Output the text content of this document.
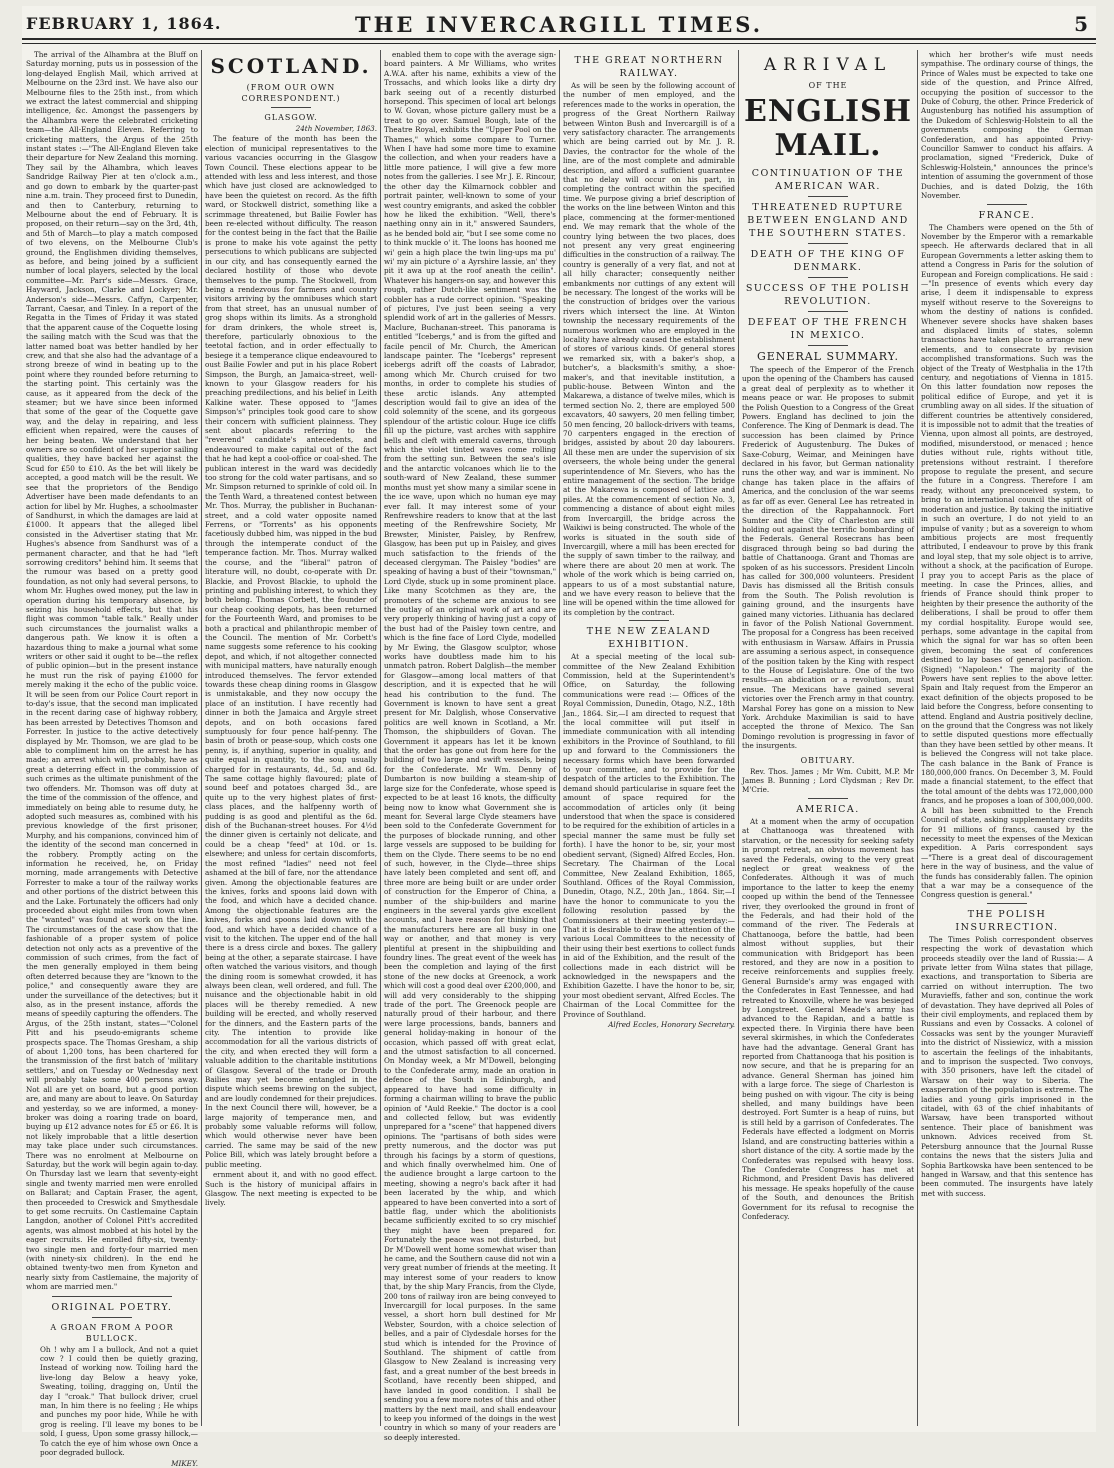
FEBRUARY 1, 1864.	THE INVERCARGILL TIMES.	5

The arrival of the Alhambra at the Bluff on Saturday morning, puts us in possession of the long-delayed English Mail, which arrived at Melbourne on the 23rd inst. We have also our Melbourne files to the 25th inst., from which we extract the latest commercial and shipping intelligence, &c. Amongst the passengers by the Alhambra were the celebrated cricketing team—the All-England Eleven. Referring to cricketing matters, the Argus of the 25th instant states :—"The All-England Eleven take their departure for New Zealand this morning. They sail by the Alhambra, which leaves Sandridge Railway Pier at ten o'clock a.m., and go down to embark by the quarter-past nine a.m. train. They proceed first to Dunedin, and then to Canterbury, returning to Melbourne about the end of February. It is proposed, on their return—say on the 3rd, 4th, and 5th of March—to play a match composed of two elevens, on the Melbourne Club's ground, the Englishmen dividing themselves, as before, and being joined by a sufficient number of local players, selected by the local committee—Mr. Parr's side—Messrs. Grace, Hayward, Jackson, Clarke and Lockyer; Mr. Anderson's side—Messrs. Caffyn, Carpenter, Tarrant, Caesar, and Tinley. In a report of the Regatta in the Times of Friday it was stated that the apparent cause of the Coquette losing the sailing match with the Scud was that the latter named boat was better handled by her crew, and that she also had the advantage of a strong breeze of wind in beating up to the point where they rounded before returning to the starting point. This certainly was the cause, as it appeared from the deck of the steamer; but we have since been informed that some of the gear of the Coquette gave way, and the delay in repairing, and less efficient when repaired, were the causes of her being beaten. We understand that her owners are so confident of her superior sailing qualities, they have backed her against the Scud for £50 to £10. As the bet will likely be accepted, a good match will be the result. We see that the proprietors of the Bendigo Advertiser have been made defendants to an action for libel by Mr. Hughes, a schoolmaster of Sandhurst, in which the damages are laid at £1000. It appears that the alleged libel consisted in the Advertiser stating that Mr. Hughes's absence from Sandhurst was of a permanent character, and that he had "left sorrowing creditors" behind him. It seems that the rumour was based on a pretty good foundation, as not only had several persons, to whom Mr. Hughes owed money, put the law in operation during his temporary absence, by seizing his household effects, but that his flight was common "table talk." Really under such circumstances the journalist walks a dangerous path. We know it is often a hazardous thing to make a journal what some writers or other said it ought to be—the reflex of public opinion—but in the present instance he must run the risk of paying £1000 for merely making it the echo of the public voice. It will be seen from our Police Court report in to-day's issue, that the second man implicated in the recent daring case of highway robbery, has been arrested by Detectives Thomson and Forrester. In justice to the active detectively displayed by Mr. Thomson, we are glad to be able to compliment him on the arrest he has made; an arrest which will, probably, have as great a deterring effect in the commission of such crimes as the ultimate punishment of the two offenders. Mr. Thomson was off duty at the time of the commission of the offence, and immediately on being able to resume duty, he adopted such measures as, combined with his previous knowledge of the first prisoner, Murphy, and his companions, convinced him of the identity of the second man concerned in the robbery. Promptly acting on the information he received, he, on Friday morning, made arrangements with Detective Forrester to make a tour of the railway works and other portions of the district between this and the Lake. Fortunately the officers had only proceeded about eight miles from town when the "wanted" was found at work on the line. The circumstances of the case show that the fashionable of a proper system of police detection not only acts as a preventive of the commission of such crimes, from the fact of the men generally employed in them being often deterred because they are "known to the police," and consequently aware they are under the surveillance of the detectives; but it also, as in the present instance, affords the means of speedily capturing the offenders. The Argus, of the 25th instant, states—"Colonel Pitt and his pseudo-emigrants scheme prospects space. The Thomas Gresham, a ship of about 1,200 tons, has been chartered for the transmission of the first batch of 'military settlers,' and on Tuesday or Wednesday next will probably take some 400 persons away. Not all are yet on board, but a good portion are, and many are about to leave. On Saturday and yesterday, so we are informed, a money-broker was doing a roaring trade on board, buying up £12 advance notes for £5 or £6. It is not likely improbable that a little desertion may take place under such circumstances. There was no enrolment at Melbourne on Saturday, but the work will begin again to-day. On Thursday last we learn that seventy-eight single and twenty married men were enrolled on Ballarat; and Captain Fraser, the agent, then proceeded to Creswick and Smythesdale to get some recruits. On Castlemaine Captain Langdon, another of Colonel Pitt's accredited agents, was almost mobbed at his hotel by the eager recruits. He enrolled fifty-six, twenty-two single men and forty-four married men (with ninety-six children). In the end he obtained twenty-two men from Kyneton and nearly sixty from Castlemaine, the majority of whom are married men."

ORIGINAL POETRY.

A GROAN FROM A POOR BULLOCK.

Oh ! why am I a bullock, And not a quiet cow ? I could then be quietly grazing, Instead of working now. Toiling hard the live-long day Below a heavy yoke, Sweating, toiling, dragging on, Until the day I "croak." That bullock driver, cruel man, In him there is no feeling ; He whips and punches my poor hide, While he with grog is reeling. I'll leave my bones to be sold, I guess, Upon some grassy hillock,— To catch the eye of him whose own Once a poor degraded bullock.

MIKEY.

SCOTLAND.

(FROM OUR OWN CORRESPONDENT.)

GLASGOW.

24th November, 1863.

The feature of the month has been the election of municipal representatives to the various vacancies occurring in the Glasgow Town Council. These elections appear to be attended with less and less interest, and those which have just closed are acknowledged to have been the quietest on record. As the fifth ward, or Stockwell district, something like a scrimmage threatened, but Bailie Fowler has been re-elected without difficulty. The reason for the contest being in the fact that the Bailie is prone to make his vote against the petty persecutions to which publicans are subjected in our city, and has consequently earned the declared hostility of those who devote themselves to the pump. The Stockwell, from being a rendezvous for farmers and country visitors arriving by the omnibuses which start from that street, has an unusual number of grog shops within its limits. As a stronghold for dram drinkers, the whole street is, therefore, particularly obnoxious to the teetotal faction, and in order effectually to besiege it a temperance clique endeavoured to oust Bailie Fowler and put in his place Robert Simpson, the Burgh, an Jamaica-street, well-known to your Glasgow readers for his preaching predilections, and his belief in Leith Kalkine water. These opposed to "James Simpson's" principles took good care to show their concern with sufficient plainness. They sent about placards referring to the "reverend" candidate's antecedents, and endeavoured to make capital out of the fact that he had kept a cool-office or coal-shed. The publican interest in the ward was decidedly too strong for the cold water partisans, and so Mr. Simpson returned to sprinkle of cold oil. In the Tenth Ward, a threatened contest between Mr. Thos. Murray, the publisher in Buchanan-street, and a cold water opposite named Ferrens, or "Torrents" as his opponents facetiously dubbed him, was nipped in the bud through the intemperate conduct of the temperance faction. Mr. Thos. Murray walked the course, and the "liberal" patron of literature will, no doubt, co-operate with Dr. Blackie, and Provost Blackie, to uphold the printing and publishing interest, to which they both belong. Thomas Corbett, the founder of our cheap cooking depots, has been returned for the Fourteenth Ward, and promises to be both a practical and philanthropic member of the Council. The mention of Mr. Corbett's name suggests some reference to his cooking depot, and which, if not altogether connected with municipal matters, have naturally enough introduced themselves. The fervor extended towards these cheap dining rooms in Glasgow is unmistakable, and they now occupy the place of an institution. I have recently had dinner in both the Jamaica and Argyle street depots, and on both occasions fared sumptuously for four pence half-penny. The basin of broth or pease-soup, which costs one penny, is, if anything, superior in quality, and quite equal in quantity, to the soup usually charged for in restaurants, 4d., 5d. and 6d. The same cottage highly flavoured; plate of sound beef and potatoes charged 3d., are quite up to the very highest plates of first-class places, and the halfpenny worth of pudding is as good and plentiful as the 6d. dish of the Buchanan-street houses. For 4½d the dinner given is certainly not delicate, and could be a cheap "feed" at 10d. or 1s. elsewhere; and unless for certain discomforts, the most refined "ladies" need not feel ashamed at the bill of fare, nor the attendance given. Among the objectionable features are the knives, forks and spoons laid down with the food, and which have a decided chance. Among the objectionable features are the knives, forks and spoons laid down with the food, and which have a decided chance of a visit to the kitchen. The upper end of the hall there is a dress circle and boxes. The gallery being at the other, a separate staircase. I have often watched the various visitors, and though the dining room is somewhat crowded, it has always been clean, well ordered, and full. The nuisance and the objectionable habit in old places will be thereby remedied. A new building will be erected, and wholly reserved for the dinners, and the Eastern parts of the city. The intention to provide like accommodation for all the various districts of the city, and when erected they will form a valuable addition to the charitable institutions of Glasgow. Several of the trade or Drouth Bailies may yet become entangled in the dispute which seems brewing on the subject, and are loudly condemned for their prejudices. In the next Council there will, however, be a large majority of temperance men, and probably some valuable reforms will follow, which would otherwise never have been carried. The same may be said of the new Police Bill, which was lately brought before a public meeting.

ernment about it, and with no good effect. Such is the history of municipal affairs in Glasgow. The next meeting is expected to be lively.

enabled them to cope with the average sign-board painters. A Mr Williams, who writes A.W.A. after his name, exhibits a view of the Trossachs, and which looks like a dirty dry bark seeing out of a recently disturbed horsepond. This specimen of local art belongs to W. Govan, whose picture gallery must be a treat to go over. Samuel Bough, late of the Theatre Royal, exhibits the "Upper Pool on the Thames," which some compare to Turner. When I have had some more time to examine the collection, and when your readers have a little more patience, I will give a few more notes from the galleries. I see Mr J. E. Rincour, the other day the Kilmarnock cobbler and portrait painter, well-known to some of your west country emigrants, and asked the cobbler how he liked the exhibition. "Well, there's naething onny ain in it," answered Saunders, as he bended bold air, "but I see some come no to think muckle o' it. The loons has hooned me wi' gein a high place the twin ling-ups ma pu' wi' my ain picture o' a Ayrshire lassie, an' they pit it awa up at the roof aneath the ceilin". Whatever his hangers-on say, and however this rough, rather Dutch-like sentiment was the cobbler has a rude correct opinion. "Speaking of pictures, I've just been seeing a very splendid work of art in the galleries of Messrs. Maclure, Buchanan-street. This panorama is entitled "Icebergs," and is from the gifted and facile pencil of Mr. Church, the American landscape painter. The "Icebergs" represent icebergs adrift off the coasts of Labrador, among which Mr. Church cruised for two months, in order to complete his studies of these arctic islands. Any attempted description would fail to give an idea of the cold solemnity of the scene, and its gorgeous splendour of the artistic colour. Huge ice cliffs fill up the picture, vast arches with sapphire bells and cleft with emerald caverns, through which the violet tinted waves come rolling from the setting sun. Between the sea's isle and the antarctic volcanoes which lie to the south-ward of New Zealand, these summer months must yet show many a similar scene in the ice wave, upon which no human eye may ever fall. It may interest some of your Renfrewshire readers to know that at the last meeting of the Renfrewshire Society, Mr Brewster, Minister, Paisley, by Renfrew, Glasgow, has been put up in Paisley, and gives much satisfaction to the friends of the deceased clergyman. The Paisley "bodies" are speaking of having a bust of their "townsman," Lord Clyde, stuck up in some prominent place. Like many Scotchmen as they are, the promoters of the scheme are anxious to see the outlay of an original work of art and are very properly thinking of having just a copy of the bust had of the Paisley town centre, and which is the fine face of Lord Clyde, modelled by Mr Ewing, the Glasgow sculptor, whose works have doubtless made him to his unmatch patron. Robert Dalglish—the member for Glasgow—among local matters of that description, and it is expected that he will head his contribution to the fund. The Government is known to have sent a great present for Mr. Dalglish, whose Conservative politics are well known in Scotland, a Mr. Thomson, the shipbuilders of Govan. The Government it appears has let it be known that the order has gone out from here for the building of two large and swift vessels, being for the Confederate. Mr Wm. Denny of Dumbarton is now building a steam-ship of large size for the Confederate, whose speed is expected to be at least 16 knots, the difficulty being now to know what Government she is meant for. Several large Clyde steamers have been sold to the Confederate Government for the purposes of blockade running, and other large vessels are supposed to be building for them on the Clyde. There seems to be no end of such, however, in the Clyde—three ships have lately been completed and sent off, and three more are being built or are under order of construction for the Emperor of China, a number of the ship-builders and marine engineers in the several yards give excellent accounts, and I have reason for thinking that the manufacturers here are all busy in one way or another, and that money is very plentiful at present in the shipbuilding and foundry lines. The great event of the week has been the completion and laying of the first stone of the new docks at Greenock, a work which will cost a good deal over £200,000, and will add very considerably to the shipping trade of the port. The Greenock people are naturally proud of their harbour, and there were large processions, bands, banners and general holiday-making in honour of the occasion, which passed off with great eclat, and the utmost satisfaction to all concerned. On Monday week, a Mr M'Dowell, belonging to the Confederate army, made an oration in defence of the South in Edinburgh, and appeared to have had some difficulty in forming a chairman willing to brave the public opinion of "Auld Reekie." The doctor is a cool and collected fellow, but was evidently unprepared for a "scene" that happened divers opinions. The "partisans of both sides were pretty numerous, and the doctor was put through his facings by a storm of questions, and which finally overwhelmed him. One of the audience brought a large cartoon to the meeting, showing a negro's back after it had been lacerated by the whip, and which appeared to have been converted into a sort of battle flag, under which the abolitionists became sufficiently excited to so cry mischief they might have been prepared for. Fortunately the peace was not disturbed, but Dr M'Dowell went home somewhat wiser than he came, and the Southern cause did not win a very great number of friends at the meeting. It may interest some of your readers to know that, by the ship Mary Francis, from the Clyde, 200 tons of railway iron are being conveyed to Invercargill for local purposes. In the same vessel, a short horn bull destined for Mr Webster, Sourdon, with a choice selection of belles, and a pair of Clydesdale horses for the stud which is intended for the Province of Southland. The shipment of cattle from Glasgow to New Zealand is increasing very fast, and a great number of the best breeds in Scotland, have recently been shipped, and have landed in good condition. I shall be sending you a few more notes of this and other matters by the next mail, and shall endeavour to keep you informed of the doings in the west country in which so many of your readers are so deeply interested.

THE GREAT NORTHERN RAILWAY.

As will be seen by the following account of the number of men employed, and the references made to the works in operation, the progress of the Great Northern Railway between Winton Bush and Invercargill is of a very satisfactory character. The arrangements which are being carried out by Mr. J. R. Davies, the contractor for the whole of the line, are of the most complete and admirable description, and afford a sufficient guarantee that no delay will occur on his part, in completing the contract within the specified time. We purpose giving a brief description of the works on the line between Winton and this place, commencing at the former-mentioned end. We may remark that the whole of the country lying between the two places, does not present any very great engineering difficulties in the construction of a railway. The country is generally of a very flat, and not at all hilly character; consequently neither embankments nor cuttings of any extent will be necessary. The longest of the works will be the construction of bridges over the various rivers which intersect the line. At Winton township the necessary requirements of the numerous workmen who are employed in the locality have already caused the establishment of stores of various kinds. Of general stores we remarked six, with a baker's shop, a butcher's, a blacksmith's smithy, a shoe-maker's, and that inevitable institution, a public-house. Between Winton and the Makarewa, a distance of twelve miles, which is termed section No. 2, there are employed 500 excavators, 40 sawyers, 20 men felling timber, 50 men fencing, 20 ballock-drivers with teams, 70 carpenters engaged in the erection of bridges, assisted by about 20 day labourers. All these men are under the supervision of six overseers, the whole being under the general superintendence of Mr. Sievers, who has the entire management of the section. The bridge at the Makarewa is composed of lattice and piles. At the commencement of section No. 3, commencing a distance of about eight miles from Invercargill, the bridge across the Waikiwi is being constructed. The whole of the works is situated in the south side of Invercargill, where a mill has been erected for the supply of sawn timber to the railway, and where there are about 20 men at work. The whole of the work which is being carried on, appears to us of a most substantial nature, and we have every reason to believe that the line will be opened within the time allowed for its completion by the contract.

THE NEW ZEALAND EXHIBITION.

At a special meeting of the local sub-committee of the New Zealand Exhibition Commission, held at the Superintendent's Office, on Saturday, the following communications were read :— Offices of the Royal Commission, Dunedin, Otago, N.Z., 18th Jan., 1864. Sir,—I am directed to request that the local committee will put itself in immediate communication with all intending exhibitors in the Province of Southland, to fill up and forward to the Commissioners the necessary forms which have been forwarded to your committee, and to provide for the despatch of the articles to the Exhibition. The demand should particularise in square feet the amount of space required for the accommodation of articles only (it being understood that when the space is considered to be required for the exhibition of articles in a special manner the same must be fully set forth). I have the honor to be, sir, your most obedient servant, (Signed) Alfred Eccles, Hon. Secretary. The Chairman of the Local Committee, New Zealand Exhibition, 1865, Southland. Offices of the Royal Commission, Dunedin, Otago, N.Z., 20th Jan., 1864. Sir,—I have the honor to communicate to you the following resolution passed by the Commissioners at their meeting yesterday:— That it is desirable to draw the attention of the various Local Committees to the necessity of their using their best exertions to collect funds in aid of the Exhibition, and the result of the collections made in each district will be acknowledged in the newspapers and the Exhibition Gazette. I have the honor to be, sir, your most obedient servant, Alfred Eccles. The Chairman of the Local Committee for the Province of Southland.

Alfred Eccles, Honorary Secretary.

ARRIVAL

OF THE

ENGLISH MAIL.

CONTINUATION OF THE AMERICAN WAR.

THREATENED RUPTURE BETWEEN ENGLAND AND THE SOUTHERN STATES.

DEATH OF THE KING OF DENMARK.

SUCCESS OF THE POLISH REVOLUTION.

DEFEAT OF THE FRENCH IN MEXICO.

GENERAL SUMMARY.

The speech of the Emperor of the French upon the opening of the Chambers has caused a great deal of perplexity as to whether it means peace or war. He proposes to submit the Polish Question to a Congress of the Great Powers. England has declined to join the Conference. The King of Denmark is dead. The succession has been claimed by Prince Frederick of Augustenburg. The Dukes of Saxe-Coburg, Weimar, and Meiningen have declared in his favor, but German nationality runs the other way, and war is imminent. No change has taken place in the affairs of America, and the conclusion of the war seems as far off as ever. General Lee has retreated in the direction of the Rappahannock. Fort Sumter and the City of Charleston are still holding out against the terrific bombarding of the Federals. General Rosecrans has been disgraced through being so bad during the battle of Chattanooga. Grant and Thomas are spoken of as his successors. President Lincoln has called for 300,000 volunteers. President Davis has dismissed all the British consuls from the South. The Polish revolution is gaining ground, and the insurgents have gained many victories. Lithuania has declared in favor of the Polish National Government. The proposal for a Congress has been received with enthusiasm in Warsaw. Affairs in Prussia are assuming a serious aspect, in consequence of the position taken by the King with respect to the House of Legislature. One of the two results—an abdication or a revolution, must ensue. The Mexicans have gained several victories over the French army in that country. Marshal Forey has gone on a mission to New York. Archduke Maximilian is said to have accepted the throne of Mexico. The San Domingo revolution is progressing in favor of the insurgents.

OBITUARY.

Rev. Thos. James ; Mr Wm. Cubitt, M.P. Mr James B. Bunning ; Lord Clydsman ; Rev Dr. M'Crie.

AMERICA.

At a moment when the army of occupation at Chattanooga was threatened with starvation, or the necessity for seeking safety in prompt retreat, an obvious movement has saved the Federals, owing to the very great neglect or great weakness of the Confederates. Although it was of much importance to the latter to keep the enemy cooped up within the bend of the Tennessee river, they overlooked the ground in front of the Federals, and had their hold of the command of the river. The Federals at Chattanooga, before the battle, had been almost without supplies, but their communication with Bridgeport has been restored, and they are now in a position to receive reinforcements and supplies freely. General Burnside's army was engaged with the Confederates in East Tennessee, and had retreated to Knoxville, where he was besieged by Longstreet. General Meade's army has advanced to the Rapidan, and a battle is expected there. In Virginia there have been several skirmishes, in which the Confederates have had the advantage. General Grant has reported from Chattanooga that his position is now secure, and that he is preparing for an advance. General Sherman has joined him with a large force. The siege of Charleston is being pushed on with vigour. The city is being shelled, and many buildings have been destroyed. Fort Sumter is a heap of ruins, but is still held by a garrison of Confederates. The Federals have effected a lodgment on Morris Island, and are constructing batteries within a short distance of the city. A sortie made by the Confederates was repulsed with heavy loss. The Confederate Congress has met at Richmond, and President Davis has delivered his message. He speaks hopefully of the cause of the South, and denounces the British Government for its refusal to recognise the Confederacy.

which her brother's wife must needs sympathise. The ordinary course of things, the Prince of Wales must be expected to take one side of the question, and Prince Alfred, occupying the position of successor to the Duke of Coburg, the other. Prince Frederick of Augustenburg has notified his assumption of the Dukedom of Schleswig-Holstein to all the governments composing the German Confederation, and has appointed Privy-Councillor Samwer to conduct his affairs. A proclamation, signed "Frederick, Duke of Schleswig-Holstein," announces the prince's intention of assuming the government of those Duchies, and is dated Dolzig, the 16th November.

FRANCE.

The Chambers were opened on the 5th of November by the Emperor with a remarkable speech. He afterwards declared that in all European Governments a letter asking them to attend a Congress in Paris for the solution of European and Foreign complications. He said :—"In presence of events which every day arise, I deem it indispensable to express myself without reserve to the Sovereigns to whom the destiny of nations is confided. Whenever severe shocks have shaken bases and displaced limits of states, solemn transactions have taken place to arrange new elements, and to consecrate by revision accomplished transformations. Such was the object of the Treaty of Westphalia in the 17th century, and negotiations of Vienna in 1815. On this latter foundation now reposes the political edifice of Europe, and yet it is crumbling away on all sides. If the situation of different countries be attentively considered, it is impossible not to admit that the treaties of Vienna, upon almost all points, are destroyed, modified, misunderstood, or menaced ; hence duties without rule, rights without title, pretensions without restraint. I therefore propose to regulate the present, and secure the future in a Congress. Therefore I am ready, without any preconceived system, to bring to an international council the spirit of moderation and justice. By taking the initiative in such an overture, I do not yield to an impulse of vanity ; but as a sovereign to whom ambitious projects are most frequently attributed, I endeavour to prove by this frank and loyal step, that my sole object is to arrive, without a shock, at the pacification of Europe. I pray you to accept Paris as the place of meeting. In case the Princes, allies, and friends of France should think proper to heighten by their presence the authority of the deliberations, I shall be proud to offer them my cordial hospitality. Europe would see, perhaps, some advantage in the capital from which the signal for war has so often been given, becoming the seat of conferences destined to lay bases of general pacification. (Signed) "Napoleon." The majority of the Powers have sent replies to the above letter. Spain and Italy request from the Emperor an exact definition of the objects proposed to be laid before the Congress, before consenting to attend. England and Austria positively decline, on the ground that the Congress was not likely to settle disputed questions more effectually than they have been settled by other means. It is believed the Congress will not take place. The cash balance in the Bank of France is 180,000,000 francs. On December 3, M. Fould made a financial statement, to the effect that the total amount of the debts was 172,000,000 francs, and he proposes a loan of 300,000,000. A bill has been submitted to the French Council of state, asking supplementary credits for 91 millions of francs, caused by the necessity to meet the expenses of the Mexican expedition. A Paris correspondent says—"There is a great deal of discouragement here in the way of business, and the value of the funds has considerably fallen. The opinion that a war may be a consequence of the Congress question is general."

THE POLISH INSURRECTION.

The Times Polish correspondent observes respecting the work of devastation which proceeds steadily over the land of Russia:— A private letter from Wilna states that pillage, exactions, and transportation to Siberia are carried on without interruption. The two Muravieffs, father and son, continue the work of devastation. They have deprived all Poles of their civil employments, and replaced them by Russians and even by Cossacks. A colonel of Cossacks was sent by the younger Muravieff into the district of Nissiewicz, with a mission to ascertain the feelings of the inhabitants, and to imprison the suspected. Two convoys, with 350 prisoners, have left the citadel of Warsaw on their way to Siberia. The exasperation of the population is extreme. The ladies and young girls imprisoned in the citadel, with 63 of the chief inhabitants of Warsaw, have been transported without sentence. Their place of banishment was unknown. Advices received from St. Petersburg announce that the Journal Russe contains the news that the sisters Julia and Sophia Bartkowska have been sentenced to be hanged in Warsaw, and that this sentence has been commuted. The insurgents have lately met with success.
